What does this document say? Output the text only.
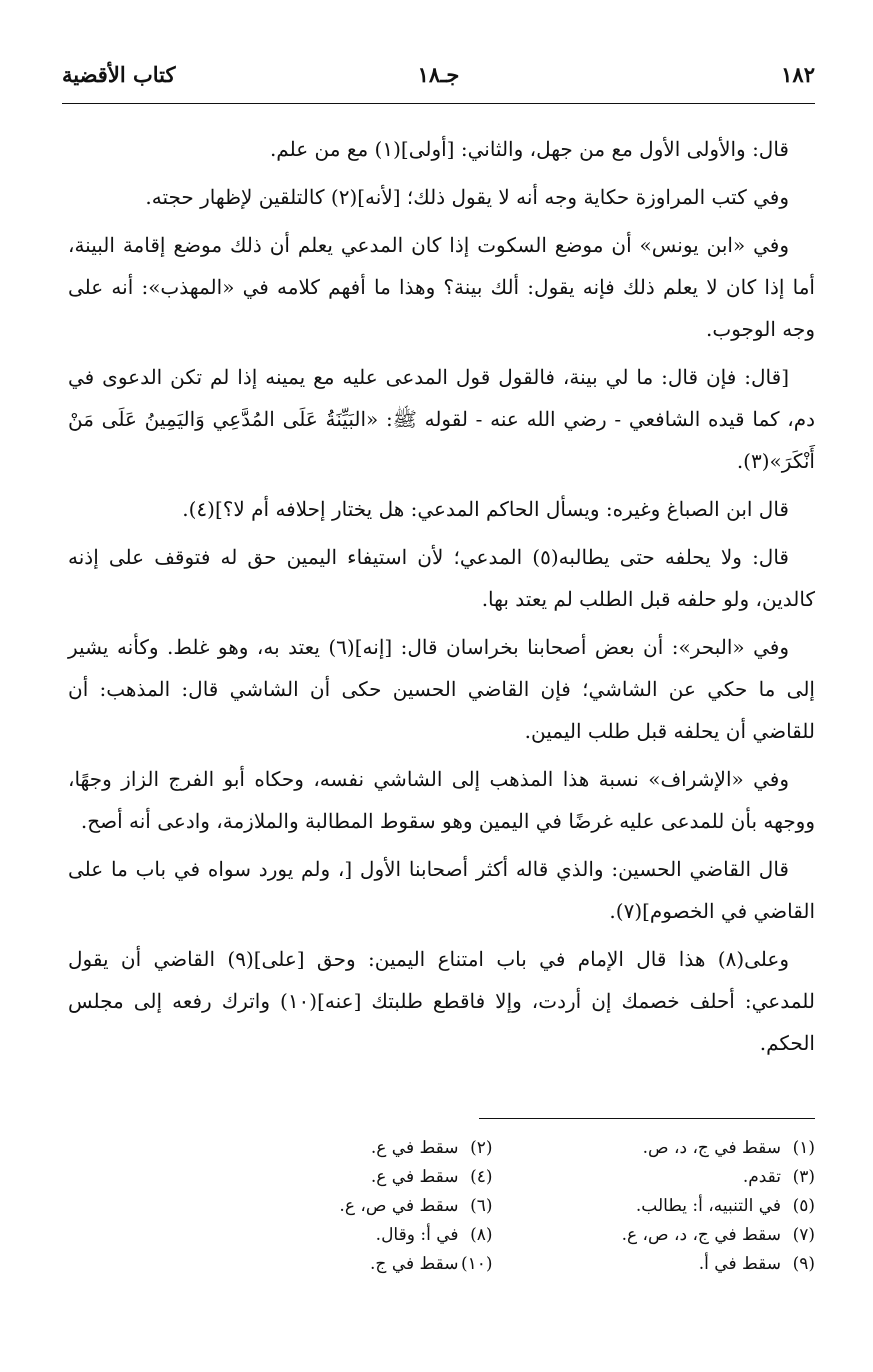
١٨٢
جـ١٨
كتاب الأقضية

قال: والأولى الأول مع من جهل، والثاني: [أولى](١) مع من علم.

وفي كتب المراوزة حكاية وجه أنه لا يقول ذلك؛ [لأنه](٢) كالتلقين لإظهار حجته.

وفي «ابن يونس» أن موضع السكوت إذا كان المدعي يعلم أن ذلك موضع إقامة البينة، أما إذا كان لا يعلم ذلك فإنه يقول: ألك بينة؟ وهذا ما أفهم كلامه في «المهذب»: أنه على وجه الوجوب.

[قال: فإن قال: ما لي بينة، فالقول قول المدعى عليه مع يمينه إذا لم تكن الدعوى في دم، كما قيده الشافعي - رضي الله عنه - لقوله ﷺ: «البَيِّنَةُ عَلَى المُدَّعِي وَاليَمِينُ عَلَى مَنْ أَنْكَرَ»(٣).

قال ابن الصباغ وغيره: ويسأل الحاكم المدعي: هل يختار إحلافه أم لا؟](٤).

قال: ولا يحلفه حتى يطالبه(٥) المدعي؛ لأن استيفاء اليمين حق له فتوقف على إذنه كالدين، ولو حلفه قبل الطلب لم يعتد بها.

وفي «البحر»: أن بعض أصحابنا بخراسان قال: [إنه](٦) يعتد به، وهو غلط. وكأنه يشير إلى ما حكي عن الشاشي؛ فإن القاضي الحسين حكى أن الشاشي قال: المذهب: أن للقاضي أن يحلفه قبل طلب اليمين.

وفي «الإشراف» نسبة هذا المذهب إلى الشاشي نفسه، وحكاه أبو الفرج الزاز وجهًا، ووجهه بأن للمدعى عليه غرضًا في اليمين وهو سقوط المطالبة والملازمة، وادعى أنه أصح.

قال القاضي الحسين: والذي قاله أكثر أصحابنا الأول [، ولم يورد سواه في باب ما على القاضي في الخصوم](٧).

وعلى(٨) هذا قال الإمام في باب امتناع اليمين: وحق [على](٩) القاضي أن يقول للمدعي: أحلف خصمك إن أردت، وإلا فاقطع طلبتك [عنه](١٠) واترك رفعه إلى مجلس الحكم.

(١)سقط في ج، د، ص.
(٢)سقط في ع.
(٣)تقدم.
(٤)سقط في ع.
(٥)في التنبيه، أ: يطالب.
(٦)سقط في ص، ع.
(٧)سقط في ج، د، ص، ع.
(٨)في أ: وقال.
(٩)سقط في أ.
(١٠)سقط في ج.
